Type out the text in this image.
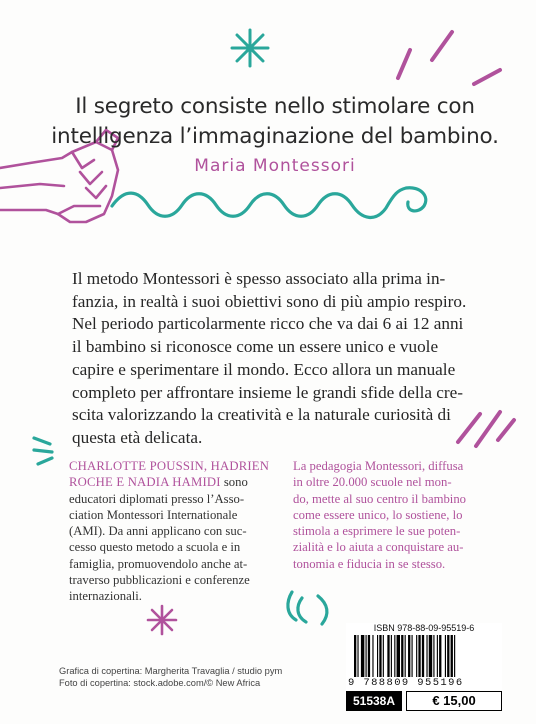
Il segreto consiste nello stimolare con
intelligenza l’immaginazione del bambino.
Maria Montessori
Il metodo Montessori è spesso associato alla prima in-
fanzia, in realtà i suoi obiettivi sono di più ampio respiro.
Nel periodo particolarmente ricco che va dai 6 ai 12 anni
il bambino si riconosce come un essere unico e vuole
capire e sperimentare il mondo. Ecco allora un manuale
completo per affrontare insieme le grandi sfide della cre-
scita valorizzando la creatività e la naturale curiosità di
questa età delicata.
CHARLOTTE POUSSIN, HADRIEN
ROCHE E NADIA HAMIDI sono
educatori diplomati presso l’Asso-
ciation Montessori Internationale
(AMI). Da anni applicano con suc-
cesso questo metodo a scuola e in
famiglia, promuovendolo anche at-
traverso pubblicazioni e conferenze
internazionali.
La pedagogia Montessori, diffusa
in oltre 20.000 scuole nel mon-
do, mette al suo centro il bambino
come essere unico, lo sostiene, lo
stimola a esprimere le sue poten-
zialità e lo aiuta a conquistare au-
tonomia e fiducia in se stesso.
Grafica di copertina: Margherita Travaglia / studio pym
Foto di copertina: stock.adobe.com/© New Africa
ISBN 978-88-09-95519-6
9 788809 955196
51538A	€ 15,00
